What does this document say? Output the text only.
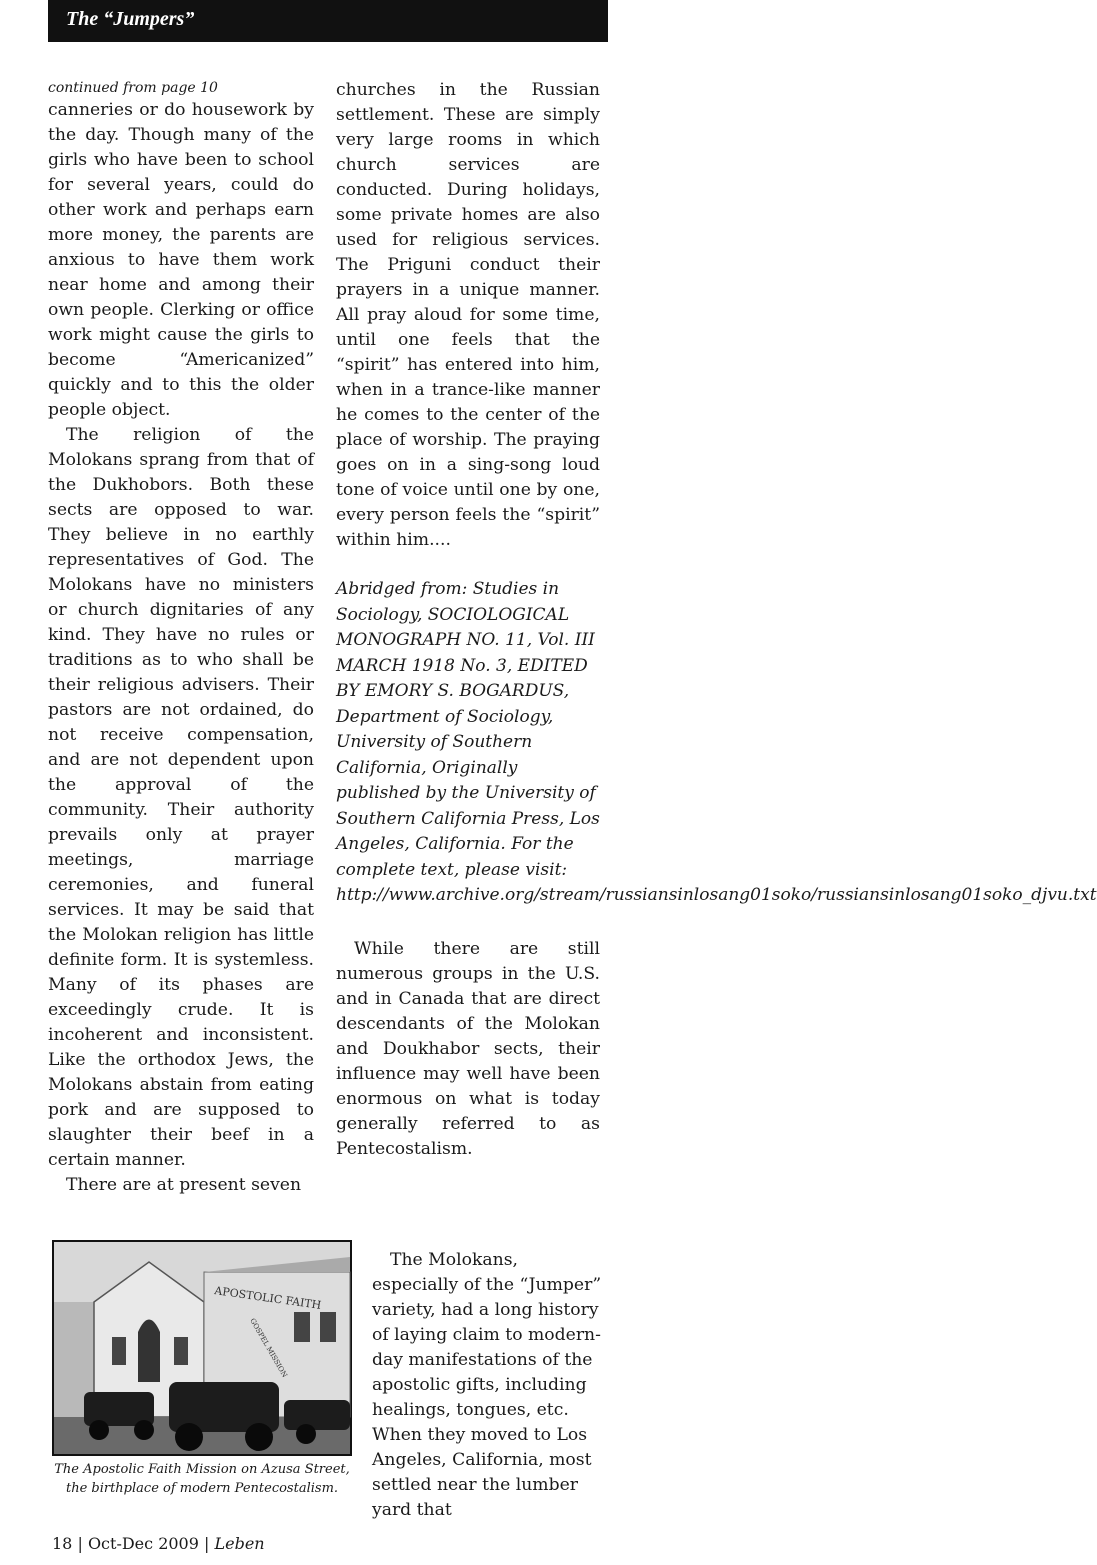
The “Jumpers”

continued from page 10

canneries or do housework by the day. Though many of the girls who have been to school for several years, could do other work and perhaps earn more money, the parents are anxious to have them work near home and among their own people. Clerking or office work might cause the girls to become “Americanized” quickly and to this the older people object.

The religion of the Molokans sprang from that of the Dukhobors. Both these sects are opposed to war. They believe in no earthly representatives of God. The Molokans have no ministers or church dignitaries of any kind. They have no rules or traditions as to who shall be their religious advisers. Their pastors are not ordained, do not receive compensation, and are not dependent upon the approval of the community. Their authority prevails only at prayer meetings, marriage ceremonies, and funeral services. It may be said that the Molokan religion has little definite form. It is systemless. Many of its phases are exceedingly crude. It is incoherent and inconsistent. Like the orthodox Jews, the Molokans abstain from eating pork and are supposed to slaughter their beef in a certain manner.

There are at present seven

churches in the Russian settlement. These are simply very large rooms in which church services are conducted. During holidays, some private homes are also used for religious services. The Priguni conduct their prayers in a unique manner. All pray aloud for some time, until one feels that the “spirit” has entered into him, when in a trance-like manner he comes to the center of the place of worship. The praying goes on in a sing-song loud tone of voice until one by one, every person feels the “spirit” within him....

Abridged from: Studies in Sociology, SOCIOLOGICAL MONOGRAPH NO. 11, Vol. III MARCH 1918 No. 3, EDITED BY EMORY S. BOGARDUS, Department of Sociology, University of Southern California, Originally published by the University of Southern California Press, Los Angeles, California. For the complete text, please visit: http://www.archive.org/stream/russiansinlosang01soko/russiansinlosang01soko_djvu.txt

While there are still numerous groups in the U.S. and in Canada that are direct descendants of the Molokan and Doukhabor sects, their influence may well have been enormous on what is today generally referred to as Pentecostalism.

APOSTOLIC FAITH
GOSPEL MISSION
The Apostolic Faith Mission on Azusa Street, the birthplace of modern Pentecostalism.

The Molokans, especially of the “Jumper” variety, had a long history of laying claim to modern-day manifestations of the apostolic gifts, including healings, tongues, etc. When they moved to Los Angeles, California, most settled near the lumber yard that

18 | Oct-Dec 2009 | Leben
